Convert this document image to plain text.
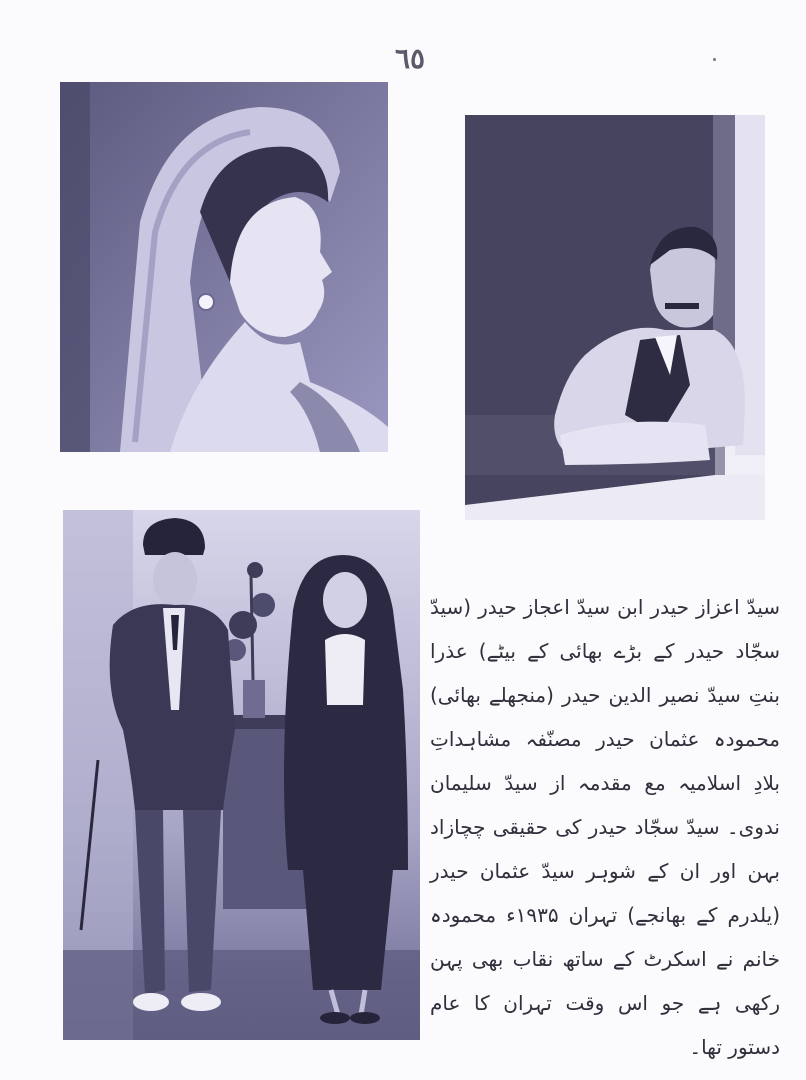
٦٥
سیدّ اعزاز حیدر ابن سیدّ اعجاز حیدر (سیدّ سجّاد حیدر کے بڑے بھائی کے بیٹے) عذرا بنتِ سیدّ نصیر الدین حیدر (منجھلے بھائی) محمودہ عثمان حیدر مصنّفہ مشاہداتِ بلادِ اسلامیہ مع مقدمہ از سیدّ سلیمان ندوی۔ سیدّ سجّاد حیدر کی حقیقی چچازاد بہن اور ان کے شوہر سیدّ عثمان حیدر (یلدرم کے بھانجے) تہران ۱۹۳۵ء محمودہ خانم نے اسکرٹ کے ساتھ نقاب بھی پہن رکھی ہے جو اس وقت تہران کا عام دستور تھا۔
